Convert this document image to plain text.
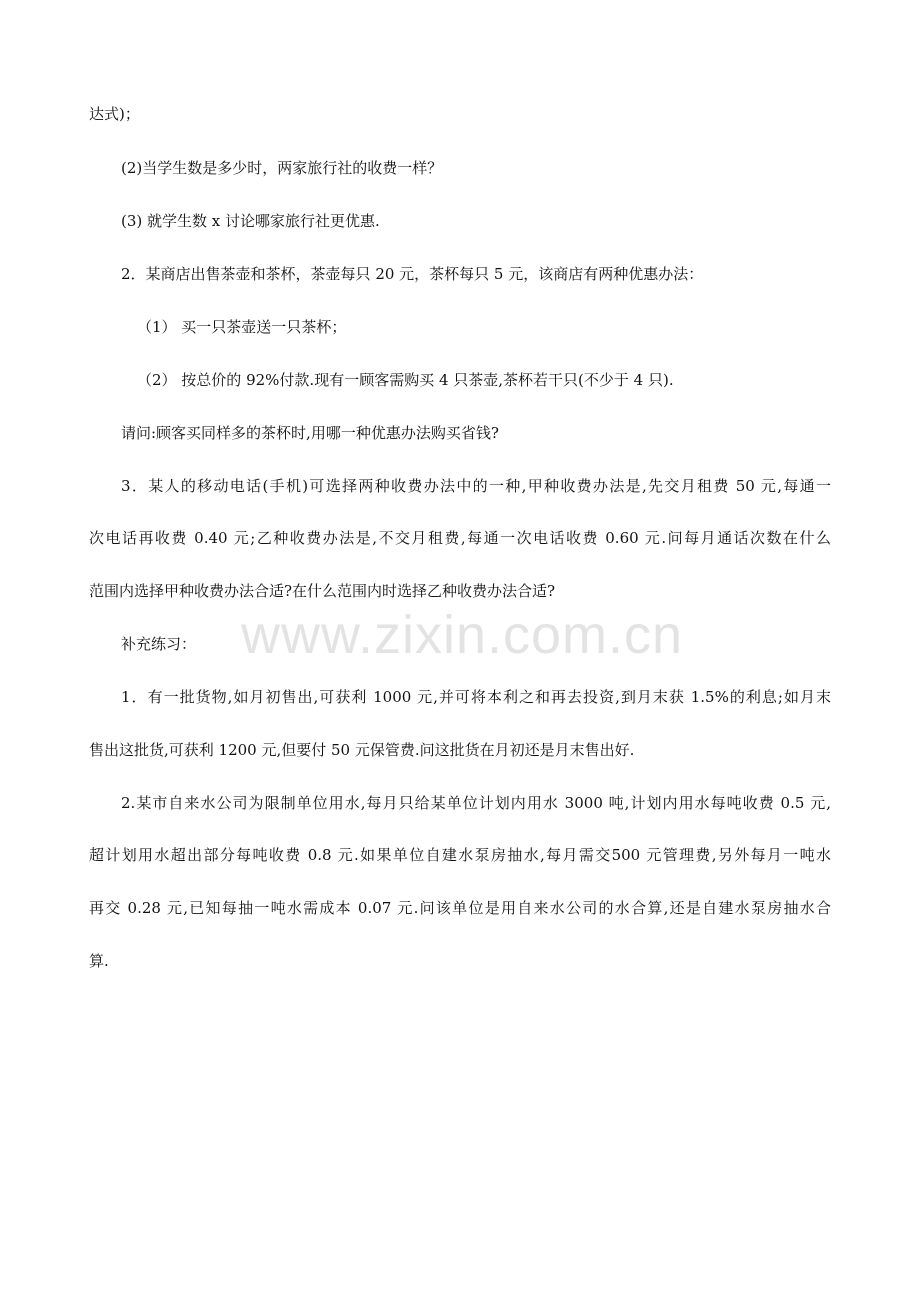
达式)；
(2)当学生数是多少时，两家旅行社的收费一样？
(3) 就学生数 x 讨论哪家旅行社更优惠.
2．某商店出售茶壶和茶杯，茶壶每只 20 元，茶杯每只 5 元，该商店有两种优惠办法：
（1） 买一只茶壶送一只茶杯；
（2） 按总价的 92%付款.现有一顾客需购买 4 只茶壶,茶杯若干只(不少于 4 只).
请问:顾客买同样多的茶杯时,用哪一种优惠办法购买省钱?
3．某人的移动电话(手机)可选择两种收费办法中的一种,甲种收费办法是,先交月租费 50 元,每通一
次电话再收费 0.40 元;乙种收费办法是,不交月租费,每通一次电话收费 0.60 元.问每月通话次数在什么
范围内选择甲种收费办法合适?在什么范围内时选择乙种收费办法合适?
www.zixin.com.cn
补充练习：
1．有一批货物,如月初售出,可获利 1000 元,并可将本利之和再去投资,到月末获 1.5%的利息;如月末
售出这批货,可获利 1200 元,但要付 50 元保管费.问这批货在月初还是月末售出好.
2.某市自来水公司为限制单位用水,每月只给某单位计划内用水 3000 吨,计划内用水每吨收费 0.5 元,
超计划用水超出部分每吨收费 0.8 元.如果单位自建水泵房抽水,每月需交500 元管理费,另外每月一吨水
再交 0.28 元,已知每抽一吨水需成本 0.07 元.问该单位是用自来水公司的水合算,还是自建水泵房抽水合
算.
